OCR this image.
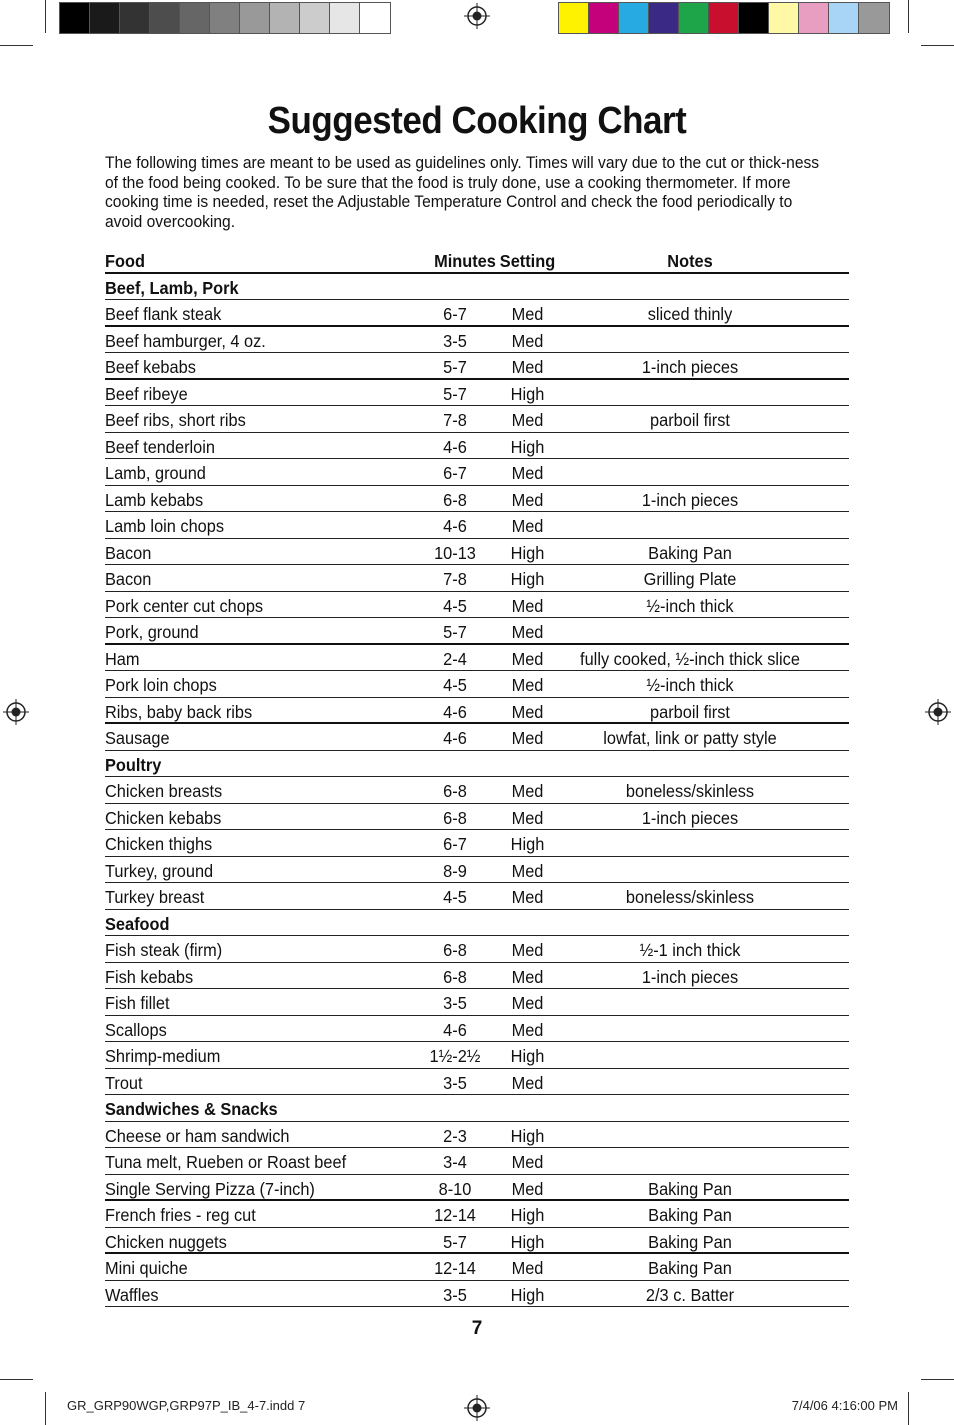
Suggested Cooking Chart
The following times are meant to be used as guidelines only. Times will vary due to the cut or thick-ness of the food being cooked. To be sure that the food is truly done, use a cooking thermometer. If more cooking time is needed, reset the Adjustable Temperature Control and check the food periodically to avoid overcooking.
Food	Minutes Setting	Notes
Beef, Lamb, Pork
Beef flank steak	6-7	Med	sliced thinly
Beef hamburger, 4 oz.	3-5	Med
Beef kebabs	5-7	Med	1-inch pieces
Beef ribeye	5-7	High
Beef ribs, short ribs	7-8	Med	parboil first
Beef tenderloin	4-6	High
Lamb, ground	6-7	Med
Lamb kebabs	6-8	Med	1-inch pieces
Lamb loin chops	4-6	Med
Bacon	10-13	High	Baking Pan
Bacon	7-8	High	Grilling Plate
Pork center cut chops	4-5	Med	½-inch thick
Pork, ground	5-7	Med
Ham	2-4	Med	fully cooked, ½-inch thick slice
Pork loin chops	4-5	Med	½-inch thick
Ribs, baby back ribs	4-6	Med	parboil first
Sausage	4-6	Med	lowfat, link or patty style
Poultry
Chicken breasts	6-8	Med	boneless/skinless
Chicken kebabs	6-8	Med	1-inch pieces
Chicken thighs	6-7	High
Turkey, ground	8-9	Med
Turkey breast	4-5	Med	boneless/skinless
Seafood
Fish steak (firm)	6-8	Med	½-1 inch thick
Fish kebabs	6-8	Med	1-inch pieces
Fish fillet	3-5	Med
Scallops	4-6	Med
Shrimp-medium	1½-2½	High
Trout	3-5	Med
Sandwiches & Snacks
Cheese or ham sandwich	2-3	High
Tuna melt, Rueben or Roast beef	3-4	Med
Single Serving Pizza (7-inch)	8-10	Med	Baking Pan
French fries - reg cut	12-14	High	Baking Pan
Chicken nuggets	5-7	High	Baking Pan
Mini quiche	12-14	Med	Baking Pan
Waffles	3-5	High	2/3 c. Batter
7
GR_GRP90WGP,GRP97P_IB_4-7.indd 7	7/4/06 4:16:00 PM
